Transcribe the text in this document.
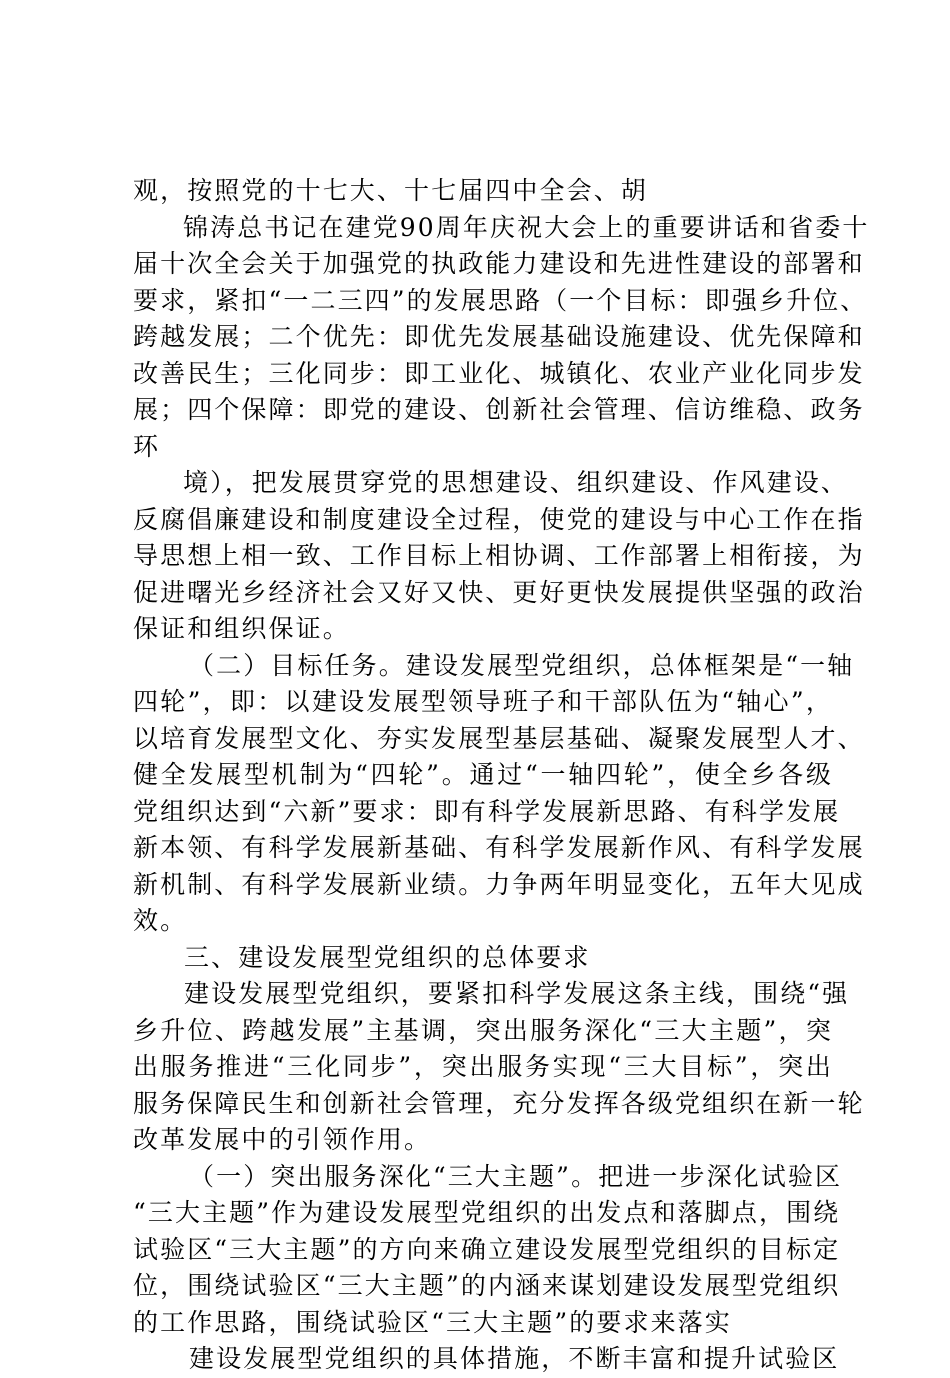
观，按照党的十七大、十七届四中全会、胡
锦涛总书记在建党90周年庆祝大会上的重要讲话和省委十
届十次全会关于加强党的执政能力建设和先进性建设的部署和
要求，紧扣“一二三四”的发展思路（一个目标：即强乡升位、
跨越发展；二个优先：即优先发展基础设施建设、优先保障和
改善民生；三化同步：即工业化、城镇化、农业产业化同步发
展；四个保障：即党的建设、创新社会管理、信访维稳、政务
环
境），把发展贯穿党的思想建设、组织建设、作风建设、
反腐倡廉建设和制度建设全过程，使党的建设与中心工作在指
导思想上相一致、工作目标上相协调、工作部署上相衔接，为
促进曙光乡经济社会又好又快、更好更快发展提供坚强的政治
保证和组织保证。
（二）目标任务。建设发展型党组织，总体框架是“一轴
四轮”，即：以建设发展型领导班子和干部队伍为“轴心”，
以培育发展型文化、夯实发展型基层基础、凝聚发展型人才、
健全发展型机制为“四轮”。通过“一轴四轮”，使全乡各级
党组织达到“六新”要求：即有科学发展新思路、有科学发展
新本领、有科学发展新基础、有科学发展新作风、有科学发展
新机制、有科学发展新业绩。力争两年明显变化，五年大见成
效。
三、建设发展型党组织的总体要求
建设发展型党组织，要紧扣科学发展这条主线，围绕“强
乡升位、跨越发展”主基调，突出服务深化“三大主题”，突
出服务推进“三化同步”，突出服务实现“三大目标”，突出
服务保障民生和创新社会管理，充分发挥各级党组织在新一轮
改革发展中的引领作用。
（一）突出服务深化“三大主题”。把进一步深化试验区
“三大主题”作为建设发展型党组织的出发点和落脚点，围绕
试验区“三大主题”的方向来确立建设发展型党组织的目标定
位，围绕试验区“三大主题”的内涵来谋划建设发展型党组织
的工作思路，围绕试验区“三大主题”的要求来落实
建设发展型党组织的具体措施，不断丰富和提升试验区
